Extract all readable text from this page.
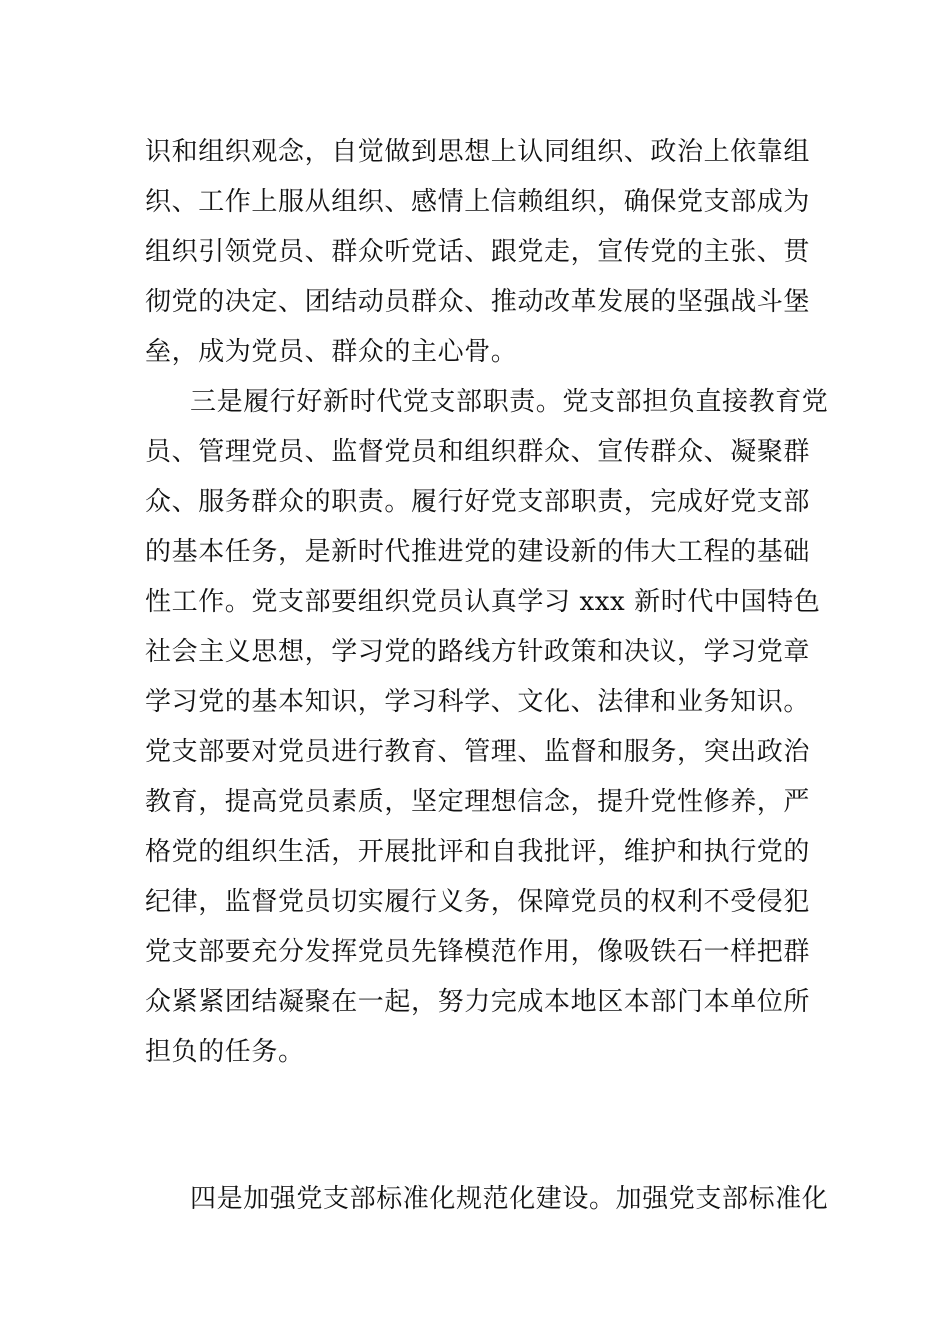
识和组织观念，自觉做到思想上认同组织、政治上依靠组
织、工作上服从组织、感情上信赖组织，确保党支部成为
组织引领党员、群众听党话、跟党走，宣传党的主张、贯
彻党的决定、团结动员群众、推动改革发展的坚强战斗堡
垒，成为党员、群众的主心骨。
三是履行好新时代党支部职责。党支部担负直接教育党
员、管理党员、监督党员和组织群众、宣传群众、凝聚群
众、服务群众的职责。履行好党支部职责，完成好党支部
的基本任务，是新时代推进党的建设新的伟大工程的基础
性工作。党支部要组织党员认真学习 xxx 新时代中国特色
社会主义思想，学习党的路线方针政策和决议，学习党章
学习党的基本知识，学习科学、文化、法律和业务知识。
党支部要对党员进行教育、管理、监督和服务，突出政治
教育，提高党员素质，坚定理想信念，提升党性修养，严
格党的组织生活，开展批评和自我批评，维护和执行党的
纪律，监督党员切实履行义务，保障党员的权利不受侵犯
党支部要充分发挥党员先锋模范作用，像吸铁石一样把群
众紧紧团结凝聚在一起，努力完成本地区本部门本单位所
担负的任务。
四是加强党支部标准化规范化建设。加强党支部标准化
